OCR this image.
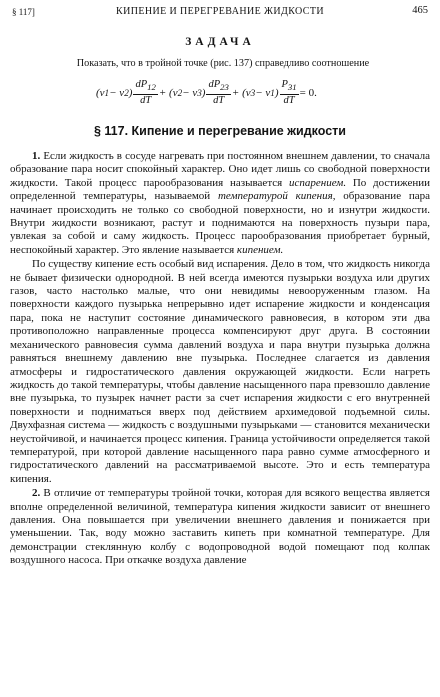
§ 117]	КИПЕНИЕ И ПЕРЕГРЕВАНИЕ ЖИДКОСТИ	465
ЗАДАЧА
Показать, что в тройной точке (рис. 137) справедливо соотношение
(v 1 − v 2 ) $\frac{dP_{12}}{dT} + (v$ 2 − v 3 ) $\frac{dP_{23}}{dT} + (v$ 3 − v 1 ) $\frac{P_{31}}{dT} = 0$.
§ 117. Кипение и перегревание жидкости

1. Если жидкость в сосуде нагревать при постоянном внешнем давлении, то сначала образование пара носит спокойный характер. Оно идет лишь со свободной поверхности жидкости. Такой процесс парообразования называется испарением. По достижении определенной температуры, называемой температурой кипения, образование пара начинает происходить не только со свободной поверхности, но и изнутри жидкости. Внутри жидкости возникают, растут и поднимаются на поверхность пузыри пара, увлекая за собой и саму жидкость. Процесс парообразования приобретает бурный, неспокойный характер. Это явление называется кипением.

По существу кипение есть особый вид испарения. Дело в том, что жидкость никогда не бывает физически однородной. В ней всегда имеются пузырьки воздуха или других газов, часто настолько малые, что они невидимы невооруженным глазом. На поверхности каждого пузырька непрерывно идет испарение жидкости и конденсация пара, пока не наступит состояние динамического равновесия, в котором эти два противоположно направленные процесса компенсируют друг друга. В состоянии механического равновесия сумма давлений воздуха и пара внутри пузырька должна равняться внешнему давлению вне пузырька. Последнее слагается из давления атмосферы и гидростатического давления окружающей жидкости. Если нагреть жидкость до такой температуры, чтобы давление насыщенного пара превзошло давление вне пузырька, то пузырек начнет расти за счет испарения жидкости с его внутренней поверхности и подниматься вверх под действием архимедовой подъемной силы. Двухфазная система — жидкость с воздушными пузырьками — становится механически неустойчивой, и начинается процесс кипения. Граница устойчивости определяется такой температурой, при которой давление насыщенного пара равно сумме атмосферного и гидростатического давлений на рассматриваемой высоте. Это и есть температура кипения.

2. В отличие от температуры тройной точки, которая для всякого вещества является вполне определенной величиной, температура кипения жидкости зависит от внешнего давления. Она повышается при увеличении внешнего давления и понижается при уменьшении. Так, воду можно заставить кипеть при комнатной температуре. Для демонстрации стеклянную колбу с водопроводной водой помещают под колпак воздушного насоса. При откачке воздуха давление
